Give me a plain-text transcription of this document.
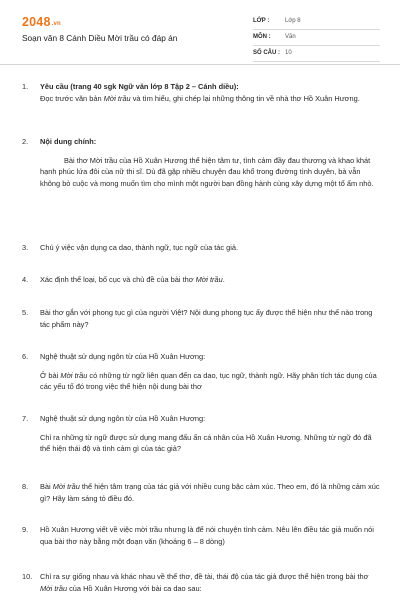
2048.vn
Soạn văn 8 Cánh Diều Mời trầu có đáp án
LỚP :	Lớp 8
MÔN : Văn
SỐ CÂU : 10
1.	Yêu cầu (trang 40 sgk Ngữ văn lớp 8 Tập 2 – Cánh diều):
Đọc trước văn bản Mời trầu và tìm hiểu, ghi chép lại những thông tin về nhà thơ Hồ Xuân Hương.
2.	Nội dung chính:
Bài thơ Mời trầu của Hồ Xuân Hương thể hiện tâm tư, tình cảm đầy đau thương và khao khát hạnh phúc lứa đôi của nữ thi sĩ. Dù đã gặp nhiều chuyện đau khổ trong đường tình duyên, bà vẫn không bỏ cuộc và mong muốn tìm cho mình một người bạn đồng hành cùng xây dựng một tổ ấm nhỏ.
3.	Chú ý việc vận dụng ca dao, thành ngữ, tục ngữ của tác giả.
4.	Xác định thể loại, bố cục và chủ đề của bài thơ Mời trầu.
5.	Bài thơ gắn với phong tục gì của người Việt? Nội dung phong tục ấy được thể hiện như thế nào trong tác phẩm này?
6.	Nghệ thuật sử dụng ngôn từ của Hồ Xuân Hương:
Ở bài Mời trầu có những từ ngữ liên quan đến ca dao, tục ngữ, thành ngữ. Hãy phân tích tác dụng của các yếu tố đó trong việc thể hiện nội dung bài thơ
7.	Nghệ thuật sử dụng ngôn từ của Hồ Xuân Hương:
Chỉ ra những từ ngữ được sử dụng mang đấu ấn cá nhân của Hồ Xuân Hương. Những từ ngữ đó đã thể hiện thái độ và tình cảm gì của tác giả?
8.	Bài Mời trầu thể hiện tâm trạng của tác giả với nhiều cung bậc cảm xúc. Theo em, đó là những cảm xúc gì? Hãy làm sáng tỏ điều đó.
9.	Hồ Xuân Hương viết về việc mời trầu nhưng là để nói chuyện tình cảm. Nêu lên điều tác giả muốn nói qua bài thơ này bằng một đoạn văn (khoảng 6 – 8 dòng)
10.	Chỉ ra sự giống nhau và khác nhau về thể thơ, đề tài, thái độ của tác giả được thể hiện trong bài thơ Mời trầu của Hồ Xuân Hương với bài ca dao sau:
